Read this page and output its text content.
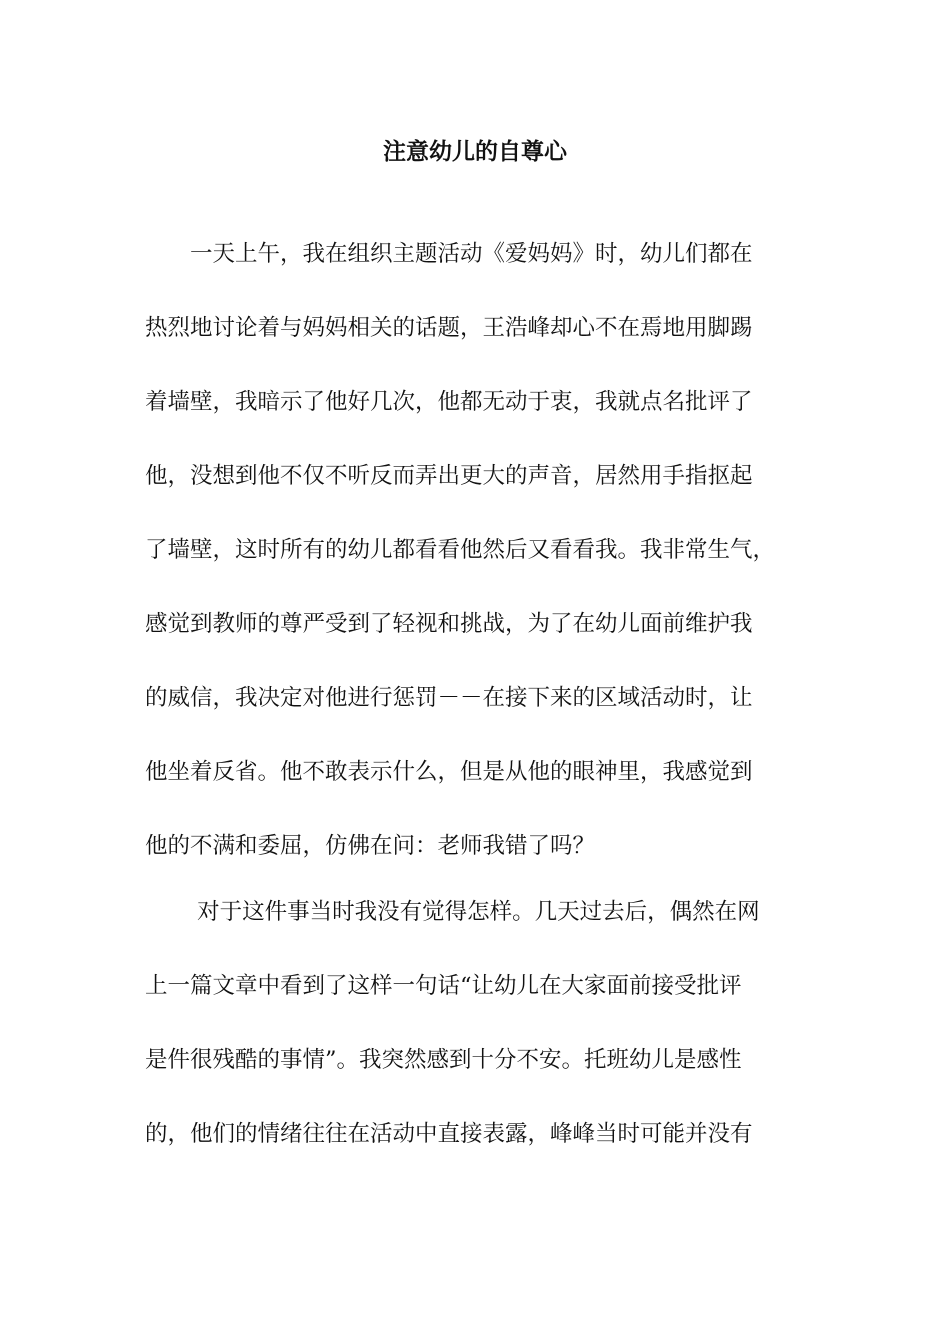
注意幼儿的自尊心

　　一天上午，我在组织主题活动《爱妈妈》时，幼儿们都在

热烈地讨论着与妈妈相关的话题，王浩峰却心不在焉地用脚踢

着墙壁，我暗示了他好几次，他都无动于衷，我就点名批评了

他，没想到他不仅不听反而弄出更大的声音，居然用手指抠起

了墙壁，这时所有的幼儿都看看他然后又看看我。我非常生气，

感觉到教师的尊严受到了轻视和挑战，为了在幼儿面前维护我

的威信，我决定对他进行惩罚－－在接下来的区域活动时，让

他坐着反省。他不敢表示什么，但是从他的眼神里，我感觉到

他的不满和委屈，仿佛在问：老师我错了吗？

　　 对于这件事当时我没有觉得怎样。几天过去后，偶然在网

上一篇文章中看到了这样一句话“让幼儿在大家面前接受批评

是件很残酷的事情”。我突然感到十分不安。托班幼儿是感性

的，他们的情绪往往在活动中直接表露，峰峰当时可能并没有
